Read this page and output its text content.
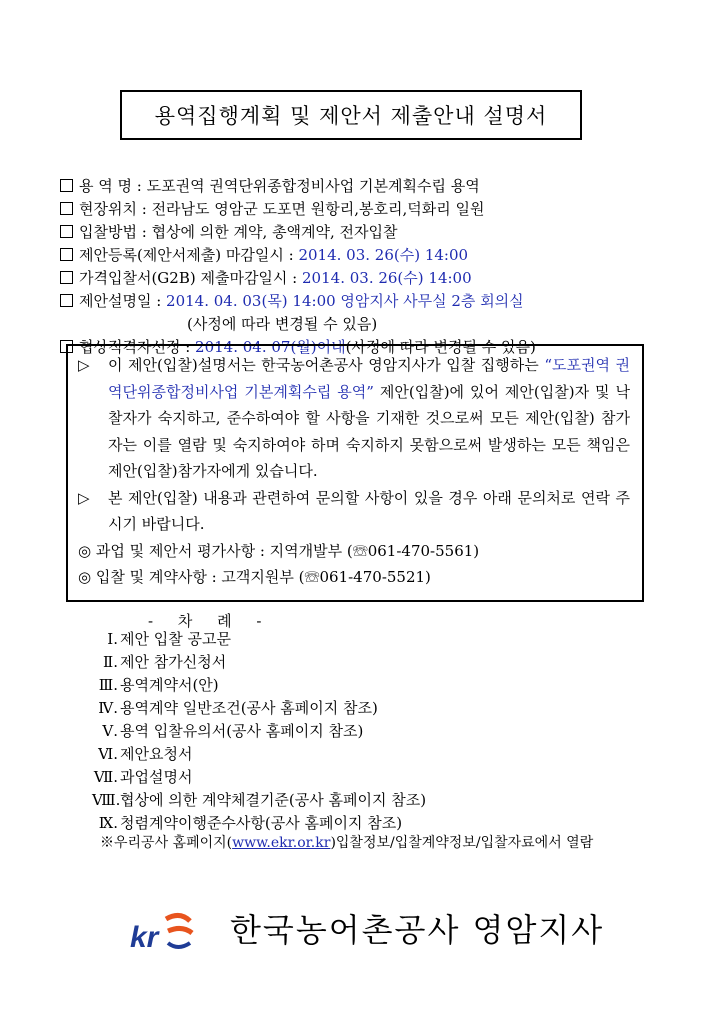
용역집행계획 및 제안서 제출안내 설명서
용 역 명 : 도포권역 권역단위종합정비사업 기본계획수립 용역
현장위치 : 전라남도 영암군 도포면 원항리,봉호리,덕화리 일원
입찰방법 : 협상에 의한 계약, 총액계약, 전자입찰
제안등록(제안서제출) 마감일시 : 2014. 03. 26(수) 14:00
가격입찰서(G2B) 제출마감일시 : 2014. 03. 26(수) 14:00
제안설명일 : 2014. 04. 03(목) 14:00 영암지사 사무실 2층 회의실
(사정에 따라 변경될 수 있음)
협상적격자선정 : 2014. 04. 07(월)이내(사정에 따라 변경될 수 있음)
▷ 이 제안(입찰)설명서는 한국농어촌공사 영암지사가 입찰 집행하는 “도포권역 권역단위종합정비사업 기본계획수립 용역” 제안(입찰)에 있어 제안(입찰)자 및 낙찰자가 숙지하고, 준수하여야 할 사항을 기재한 것으로써 모든 제안(입찰) 참가자는 이를 열람 및 숙지하여야 하며 숙지하지 못함으로써 발생하는 모든 책임은 제안(입찰)참가자에게 있습니다.
▷ 본 제안(입찰) 내용과 관련하여 문의할 사항이 있을 경우 아래 문의처로 연락 주시기 바랍니다.
◎ 과업 및 제안서 평가사항 : 지역개발부 (☏061-470-5561)
◎ 입찰 및 계약사항 : 고객지원부 (☏061-470-5521)
- 차 례 -
Ⅰ. 제안 입찰 공고문
Ⅱ. 제안 참가신청서
Ⅲ. 용역계약서(안)
Ⅳ. 용역계약 일반조건(공사 홈페이지 참조)
Ⅴ. 용역 입찰유의서(공사 홈페이지 참조)
Ⅵ. 제안요청서
Ⅶ. 과업설명서
Ⅷ.협상에 의한 계약체결기준(공사 홈페이지 참조)
Ⅸ. 청렴계약이행준수사항(공사 홈페이지 참조)
※우리공사 홈페이지(www.ekr.or.kr)입찰정보/입찰계약정보/입찰자료에서 열람
kr 한국농어촌공사 영암지사
